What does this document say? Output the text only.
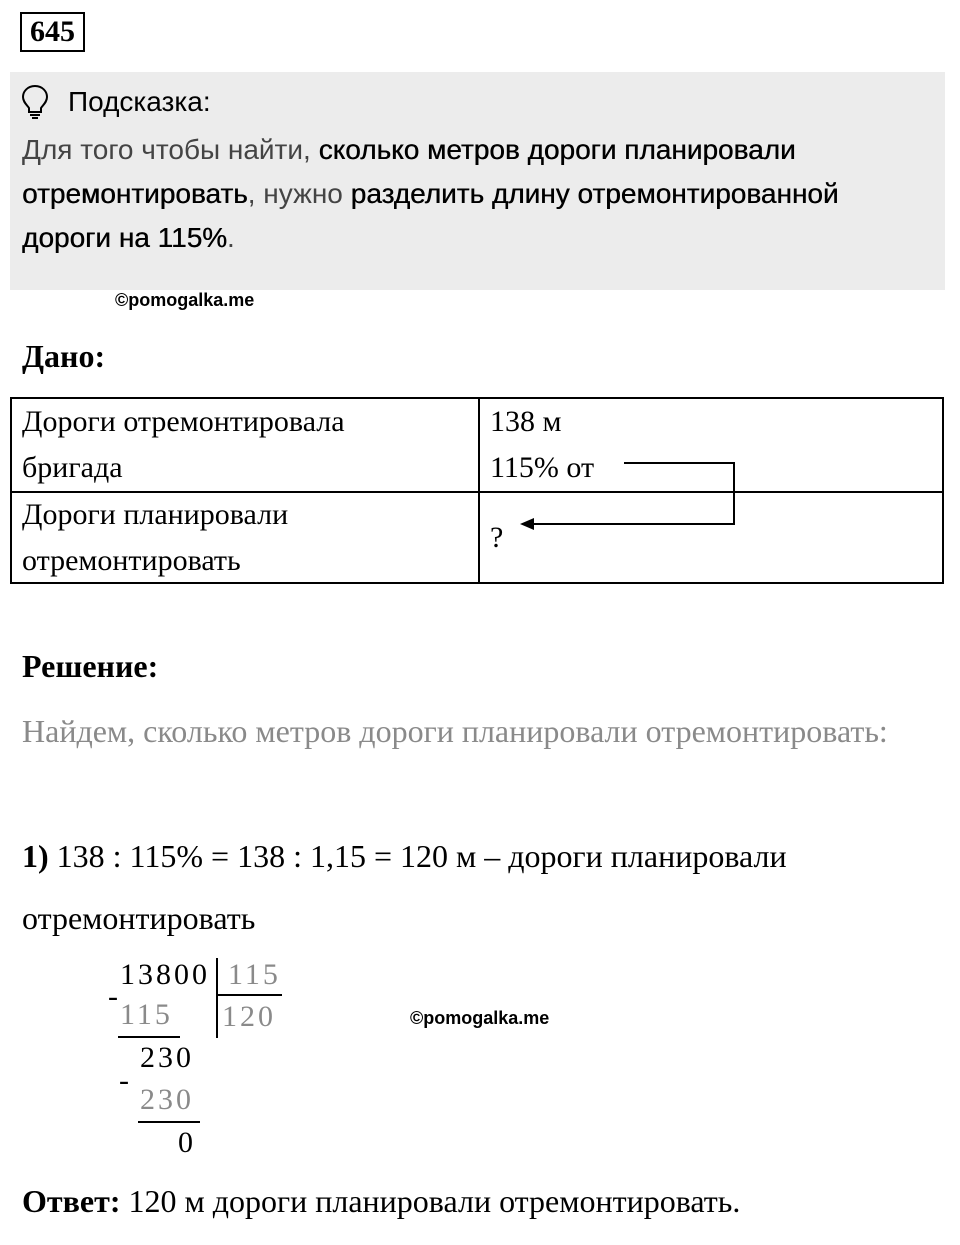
645
Подсказка:
Для того чтобы найти, сколько метров дороги планировали отремонтировать, нужно разделить длину отремонтированной дороги на 115%.
©pomogalka.me
Дано:
Дороги отремонтировала
бригада
138 м
115% от
Дороги планировали
отремонтировать
?
Решение:
Найдем, сколько метров дороги планировали отремонтировать:
1) 138 : 115% = 138 : 1,15 = 120 м – дороги планировали отремонтировать
13800 115
120
-
115
230
-
230
0
©pomogalka.me
Ответ: 120 м дороги планировали отремонтировать.
